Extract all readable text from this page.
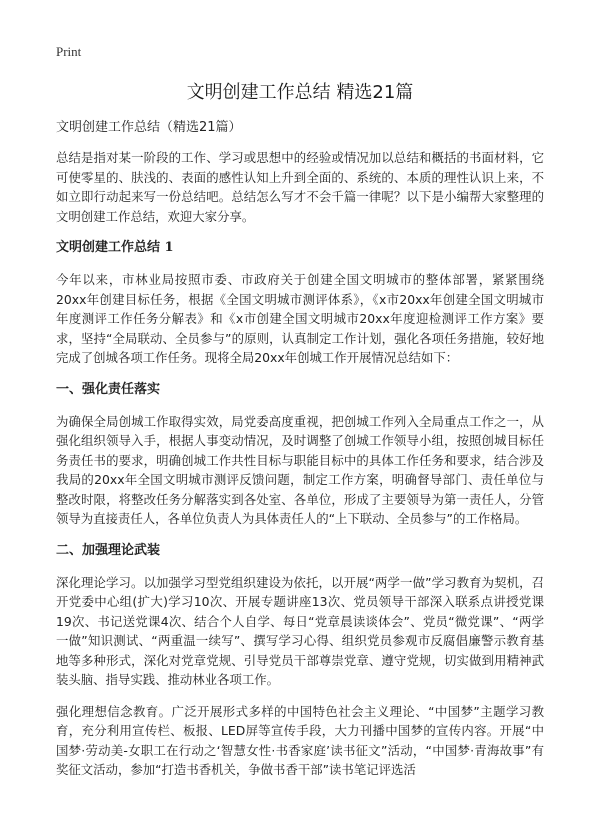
Print
文明创建工作总结 精选21篇

文明创建工作总结（精选21篇）

总结是指对某一阶段的工作、学习或思想中的经验或情况加以总结和概括的书面材料，它可使零星的、肤浅的、表面的感性认知上升到全面的、系统的、本质的理性认识上来，不如立即行动起来写一份总结吧。总结怎么写才不会千篇一律呢？以下是小编帮大家整理的文明创建工作总结，欢迎大家分享。

文明创建工作总结 1

今年以来，市林业局按照市委、市政府关于创建全国文明城市的整体部署，紧紧围绕20xx年创建目标任务，根据《全国文明城市测评体系》，《x市20xx年创建全国文明城市年度测评工作任务分解表》和《x市创建全国文明城市20xx年度迎检测评工作方案》要求，坚持“全局联动、全员参与”的原则，认真制定工作计划，强化各项任务措施，较好地完成了创城各项工作任务。现将全局20xx年创城工作开展情况总结如下：

一、强化责任落实

为确保全局创城工作取得实效，局党委高度重视，把创城工作列入全局重点工作之一，从强化组织领导入手，根据人事变动情况，及时调整了创城工作领导小组，按照创城目标任务责任书的要求，明确创城工作共性目标与职能目标中的具体工作任务和要求，结合涉及我局的20xx年全国文明城市测评反馈问题，制定工作方案，明确督导部门、责任单位与整改时限，将整改任务分解落实到各处室、各单位，形成了主要领导为第一责任人，分管领导为直接责任人，各单位负责人为具体责任人的“上下联动、全员参与”的工作格局。

二、加强理论武装

深化理论学习。以加强学习型党组织建设为依托，以开展“两学一做”学习教育为契机，召开党委中心组(扩大)学习10次、开展专题讲座13次、党员领导干部深入联系点讲授党课19次、书记送党课4次、结合个人自学、每日“党章晨读谈体会”、党员“微党课”、“两学一做”知识测试、“两重温一续写”、撰写学习心得、组织党员参观市反腐倡廉警示教育基地等多种形式，深化对党章党规、引导党员干部尊崇党章、遵守党规，切实做到用精神武装头脑、指导实践、推动林业各项工作。

强化理想信念教育。广泛开展形式多样的中国特色社会主义理论、“中国梦”主题学习教育，充分利用宣传栏、板报、LED屏等宣传手段，大力刊播中国梦的宣传内容。开展“中国梦·劳动美-女职工在行动之‘智慧女性·书香家庭’读书征文”活动，“中国梦·青海故事”有奖征文活动，参加“打造书香机关，争做书香干部”读书笔记评选活
